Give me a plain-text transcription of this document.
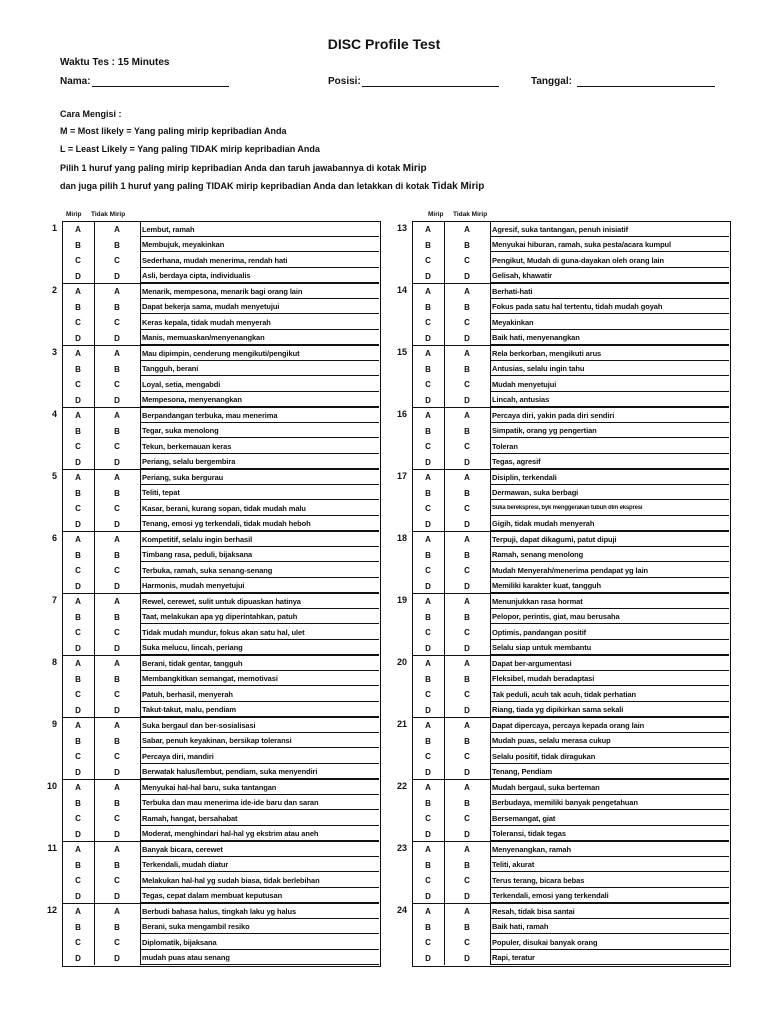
DISC Profile Test
Waktu Tes : 15 Minutes
Nama:	Posisi:	Tanggal:
Cara Mengisi :
M = Most likely = Yang paling mirip kepribadian Anda
L = Least Likely = Yang paling TIDAK mirip kepribadian Anda
Pilih 1 huruf yang paling mirip kepribadian Anda dan taruh jawabannya di kotak Mirip
dan juga pilih 1 huruf yang paling TIDAK mirip kepribadian Anda dan letakkan di kotak Tidak Mirip
Mirip Tidak Mirip	Mirip Tidak Mirip
1	A	A	Lembut, ramah
B	B	Membujuk, meyakinkan
C	C	Sederhana, mudah menerima, rendah hati
D	D	Asli, berdaya cipta, individualis
2	A	A	Menarik, mempesona, menarik bagi orang lain
B	B	Dapat bekerja sama, mudah menyetujui
C	C	Keras kepala, tidak mudah menyerah
D	D	Manis, memuaskan/menyenangkan
3	A	A	Mau dipimpin, cenderung mengikuti/pengikut
B	B	Tangguh, berani
C	C	Loyal, setia, mengabdi
D	D	Mempesona, menyenangkan
4	A	A	Berpandangan terbuka, mau menerima
B	B	Tegar, suka menolong
C	C	Tekun, berkemauan keras
D	D	Periang, selalu bergembira
5	A	A	Periang, suka bergurau
B	B	Teliti, tepat
C	C	Kasar, berani, kurang sopan, tidak mudah malu
D	D	Tenang, emosi yg terkendali, tidak mudah heboh
6	A	A	Kompetitif, selalu ingin berhasil
B	B	Timbang rasa, peduli, bijaksana
C	C	Terbuka, ramah, suka senang-senang
D	D	Harmonis, mudah menyetujui
7	A	A	Rewel, cerewet, sulit untuk dipuaskan hatinya
B	B	Taat, melakukan apa yg diperintahkan, patuh
C	C	Tidak mudah mundur, fokus akan satu hal, ulet
D	D	Suka melucu, lincah, periang
8	A	A	Berani, tidak gentar, tangguh
B	B	Membangkitkan semangat, memotivasi
C	C	Patuh, berhasil, menyerah
D	D	Takut-takut, malu, pendiam
9	A	A	Suka bergaul dan ber-sosialisasi
B	B	Sabar, penuh keyakinan, bersikap toleransi
C	C	Percaya diri, mandiri
D	D	Berwatak halus/lembut, pendiam, suka menyendiri
10	A	A	Menyukai hal-hal baru, suka tantangan
B	B	Terbuka dan mau menerima ide-ide baru dan saran
C	C	Ramah, hangat, bersahabat
D	D	Moderat, menghindari hal-hal yg ekstrim atau aneh
11	A	A	Banyak bicara, cerewet
B	B	Terkendali, mudah diatur
C	C	Melakukan hal-hal yg sudah biasa, tidak berlebihan
D	D	Tegas, cepat dalam membuat keputusan
12	A	A	Berbudi bahasa halus, tingkah laku yg halus
B	B	Berani, suka mengambil resiko
C	C	Diplomatik, bijaksana
D	D	mudah puas atau senang
13	A	A	Agresif, suka tantangan, penuh inisiatif
B	B	Menyukai hiburan, ramah, suka pesta/acara kumpul
C	C	Pengikut, Mudah di guna-dayakan oleh orang lain
D	D	Gelisah, khawatir
14	A	A	Berhati-hati
B	B	Fokus pada satu hal tertentu, tidah mudah goyah
C	C	Meyakinkan
D	D	Baik hati, menyenangkan
15	A	A	Rela berkorban, mengikuti arus
B	B	Antusias, selalu ingin tahu
C	C	Mudah menyetujui
D	D	Lincah, antusias
16	A	A	Percaya diri, yakin pada diri sendiri
B	B	Simpatik, orang yg pengertian
C	C	Toleran
D	D	Tegas, agresif
17	A	A	Disiplin, terkendali
B	B	Dermawan, suka berbagi
C	C	Suka berekspresi, byk menggerakan tubuh dlm ekspresi
D	D	Gigih, tidak mudah menyerah
18	A	A	Terpuji, dapat dikagumi, patut dipuji
B	B	Ramah, senang menolong
C	C	Mudah Menyerah/menerima pendapat yg lain
D	D	Memiliki karakter kuat, tangguh
19	A	A	Menunjukkan rasa hormat
B	B	Pelopor, perintis, giat, mau berusaha
C	C	Optimis, pandangan positif
D	D	Selalu siap untuk membantu
20	A	A	Dapat ber-argumentasi
B	B	Fleksibel, mudah beradaptasi
C	C	Tak peduli, acuh tak acuh, tidak perhatian
D	D	Riang, tiada yg dipikirkan sama sekali
21	A	A	Dapat dipercaya, percaya kepada orang lain
B	B	Mudah puas, selalu merasa cukup
C	C	Selalu positif, tidak diragukan
D	D	Tenang, Pendiam
22	A	A	Mudah bergaul, suka berteman
B	B	Berbudaya, memiliki banyak pengetahuan
C	C	Bersemangat, giat
D	D	Toleransi, tidak tegas
23	A	A	Menyenangkan, ramah
B	B	Teliti, akurat
C	C	Terus terang, bicara bebas
D	D	Terkendali, emosi yang terkendali
24	A	A	Resah, tidak bisa santai
B	B	Baik hati, ramah
C	C	Populer, disukai banyak orang
D	D	Rapi, teratur
